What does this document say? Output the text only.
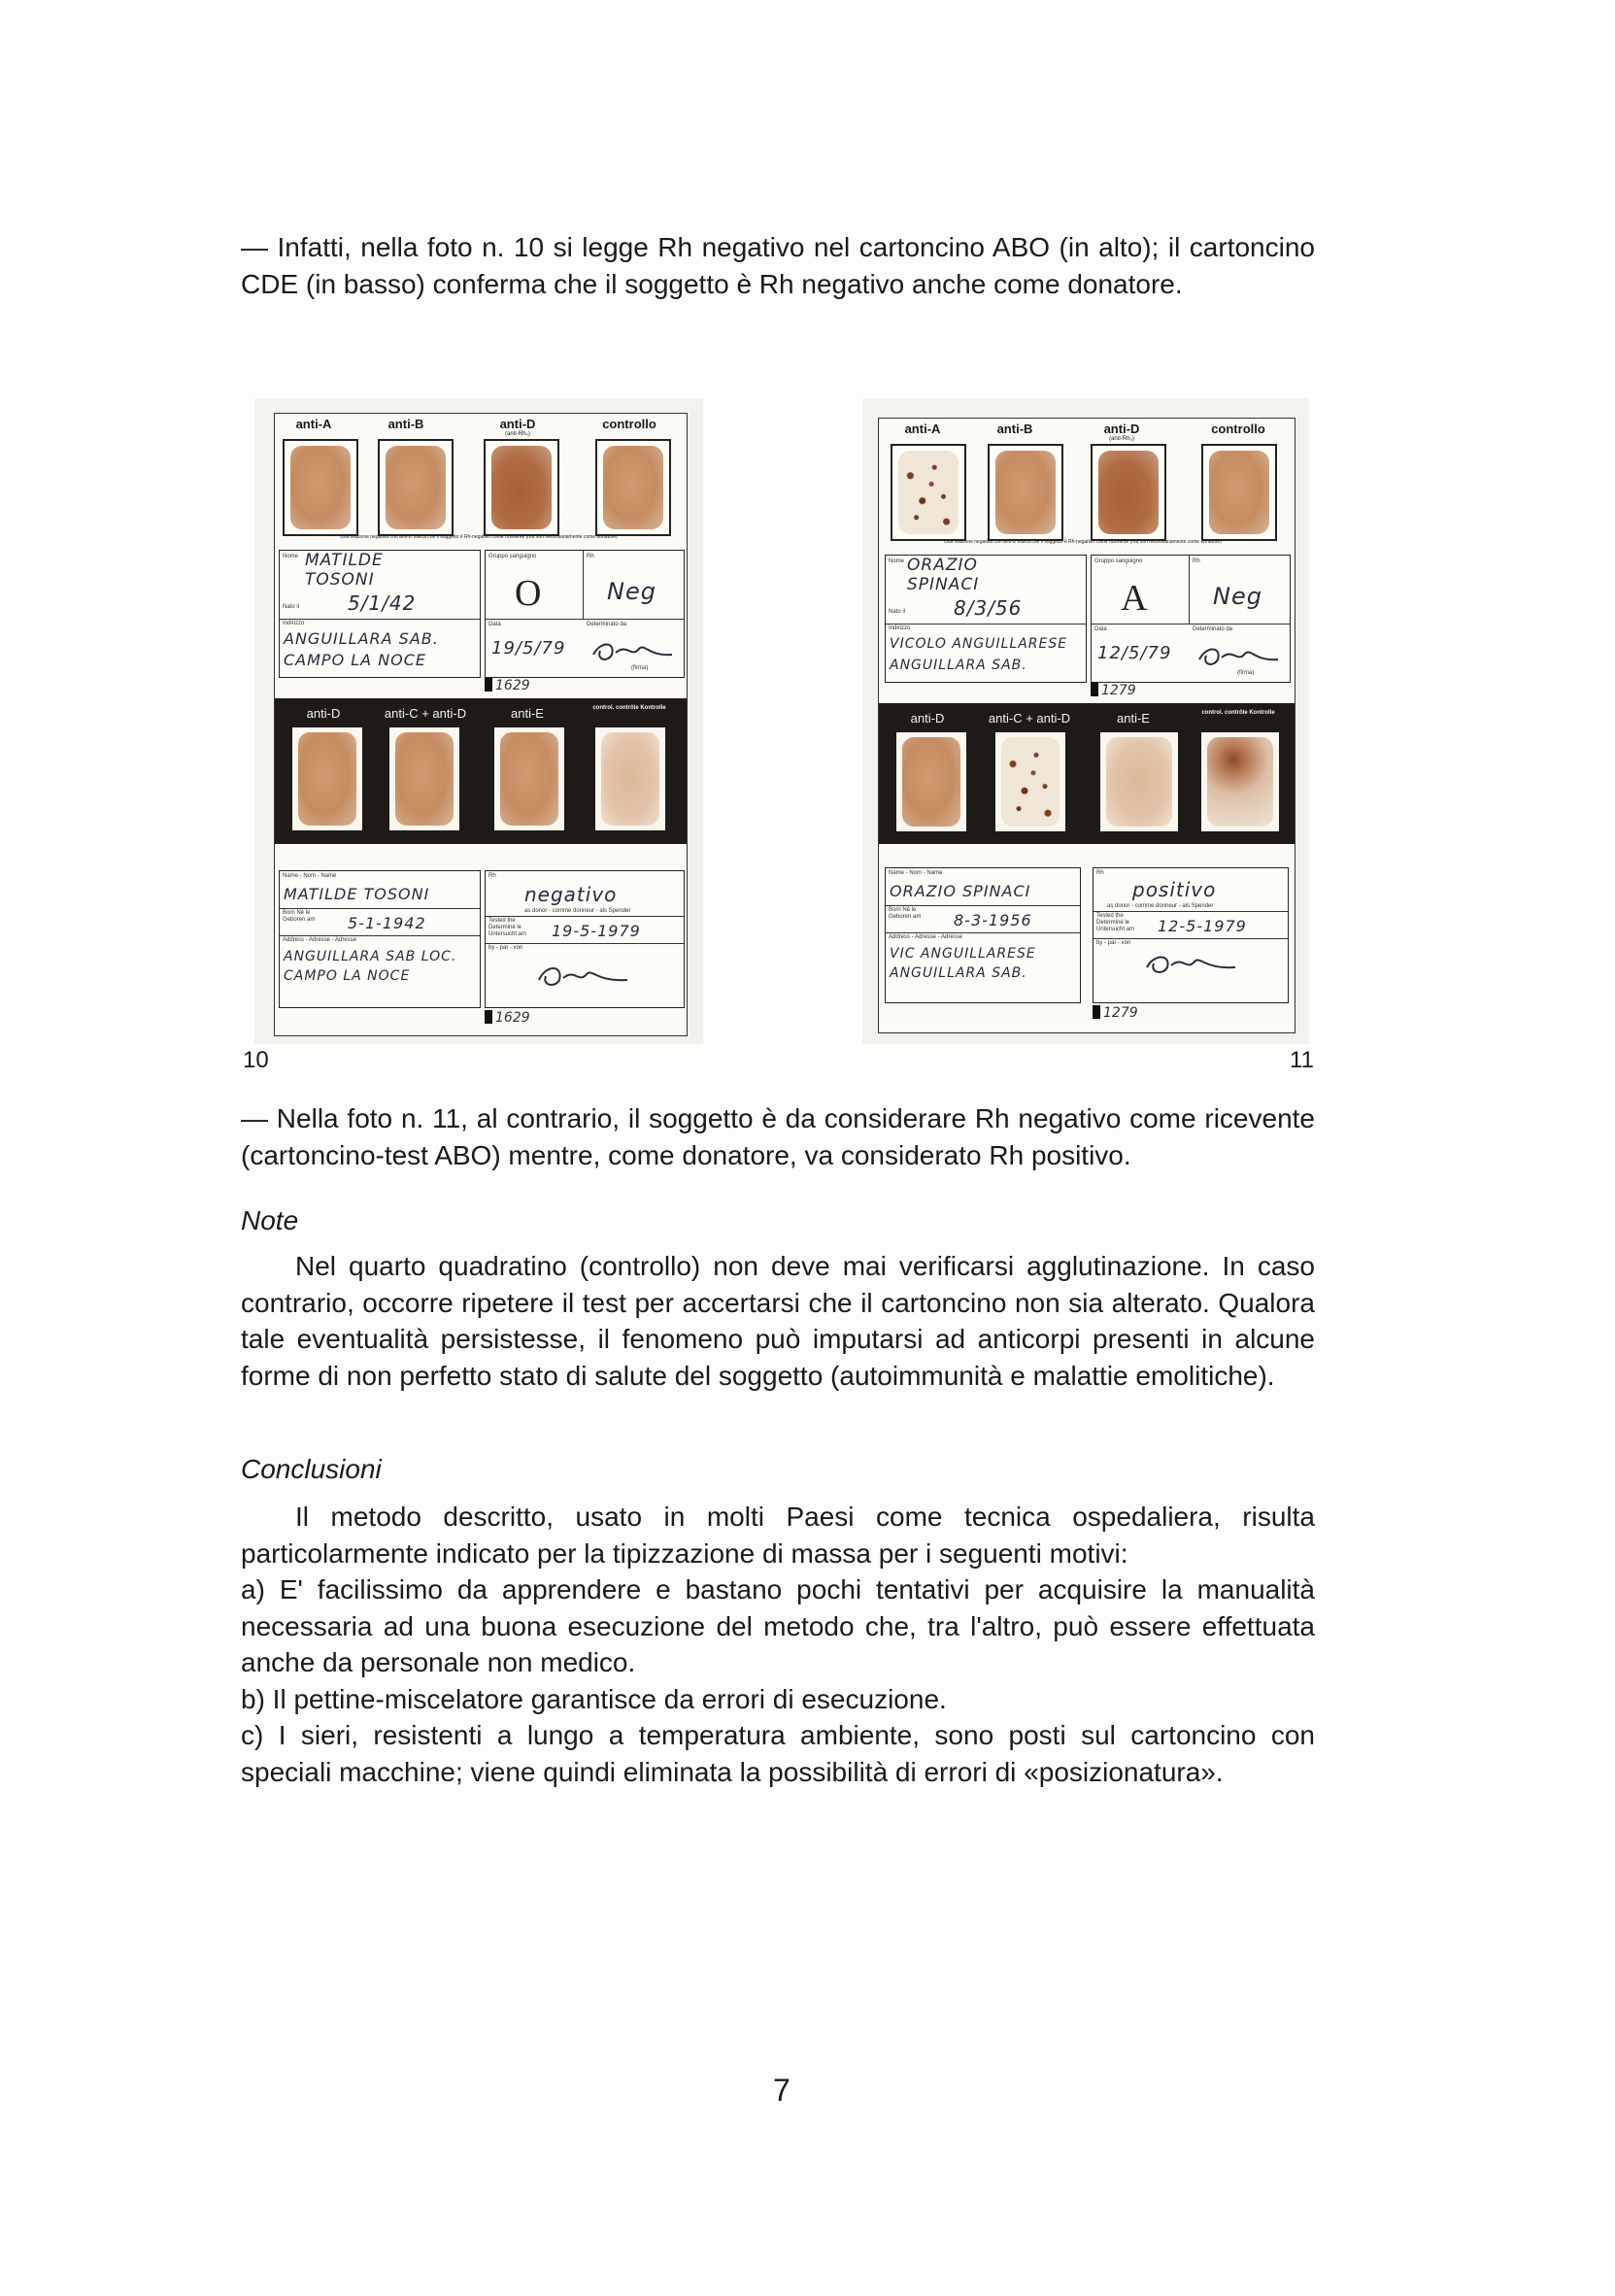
— Infatti, nella foto n. 10 si legge Rh negativo nel cartoncino ABO (in alto); il cartoncino CDE (in basso) conferma che il soggetto è Rh negativo anche come donatore.

anti-A	anti-B	anti-D
(anti-Rh₀)
controllo
Una reazione negativa con anti-D indica che il soggetto è Rh-negativo come ricevente (ma non necessariamente come donatore)
Nome MATILDE TOSONI
Nato il 5/1/42
Indirizzo
ANGUILLARA SAB. CAMPO LA NOCE
Gruppo sanguigno	Rh
O	Neg
Data	Determinato da
19/5/79
(firma)
1629
anti-D	anti-C + anti-D	anti-E	control. contrôle Kontrolle
Name - Nom - Name
MATILDE TOSONI
Born Né le Geboren am	5-1-1942
Address - Adresse - Adresse
ANGUILLARA SAB LOC. CAMPO LA NOCE
Rh
negativo
as donor - comme donneur - als Spender
Tested the Determiné le Untersucht am	19-5-1979
by - par - von
1629
anti-A	anti-B	anti-D
(anti-Rh₀)
controllo
Una reazione negativa con anti-D indica che il soggetto è Rh-negativo come ricevente (ma non necessariamente come donatore)
Nome ORAZIO SPINACI
Nato il 8/3/56
Indirizzo
VICOLO ANGUILLARESE ANGUILLARA SAB.
Gruppo sanguigno	Rh
A	Neg
Data	Determinato da
12/5/79
(firma)
1279
anti-D	anti-C + anti-D	anti-E	control. contrôle Kontrolle
Name - Nom - Name
ORAZIO SPINACI
Born Né le Geboren am	8-3-1956
Address - Adresse - Adresse
VIC ANGUILLARESE ANGUILLARA SAB.
Rh
positivo
as donor - comme donneur - als Spender
Tested the Determiné le Untersucht am	12-5-1979
by - par - von
1279
10	11

— Nella foto n. 11, al contrario, il soggetto è da considerare Rh negativo come ricevente (cartoncino-test ABO) mentre, come donatore, va considerato Rh positivo.

Note

Nel quarto quadratino (controllo) non deve mai verificarsi agglutinazione. In caso contrario, occorre ripetere il test per accertarsi che il cartoncino non sia alterato. Qualora tale eventualità persistesse, il fenomeno può imputarsi ad anticorpi presenti in alcune forme di non perfetto stato di salute del soggetto (autoimmunità e malattie emolitiche).

Conclusioni

Il metodo descritto, usato in molti Paesi come tecnica ospedaliera, risulta particolarmente indicato per la tipizzazione di massa per i seguenti motivi:

a) E' facilissimo da apprendere e bastano pochi tentativi per acquisire la manualità necessaria ad una buona esecuzione del metodo che, tra l'altro, può essere effettuata anche da personale non medico.

b) Il pettine-miscelatore garantisce da errori di esecuzione.

c) I sieri, resistenti a lungo a temperatura ambiente, sono posti sul cartoncino con speciali macchine; viene quindi eliminata la possibilità di errori di «posizionatura».

7
